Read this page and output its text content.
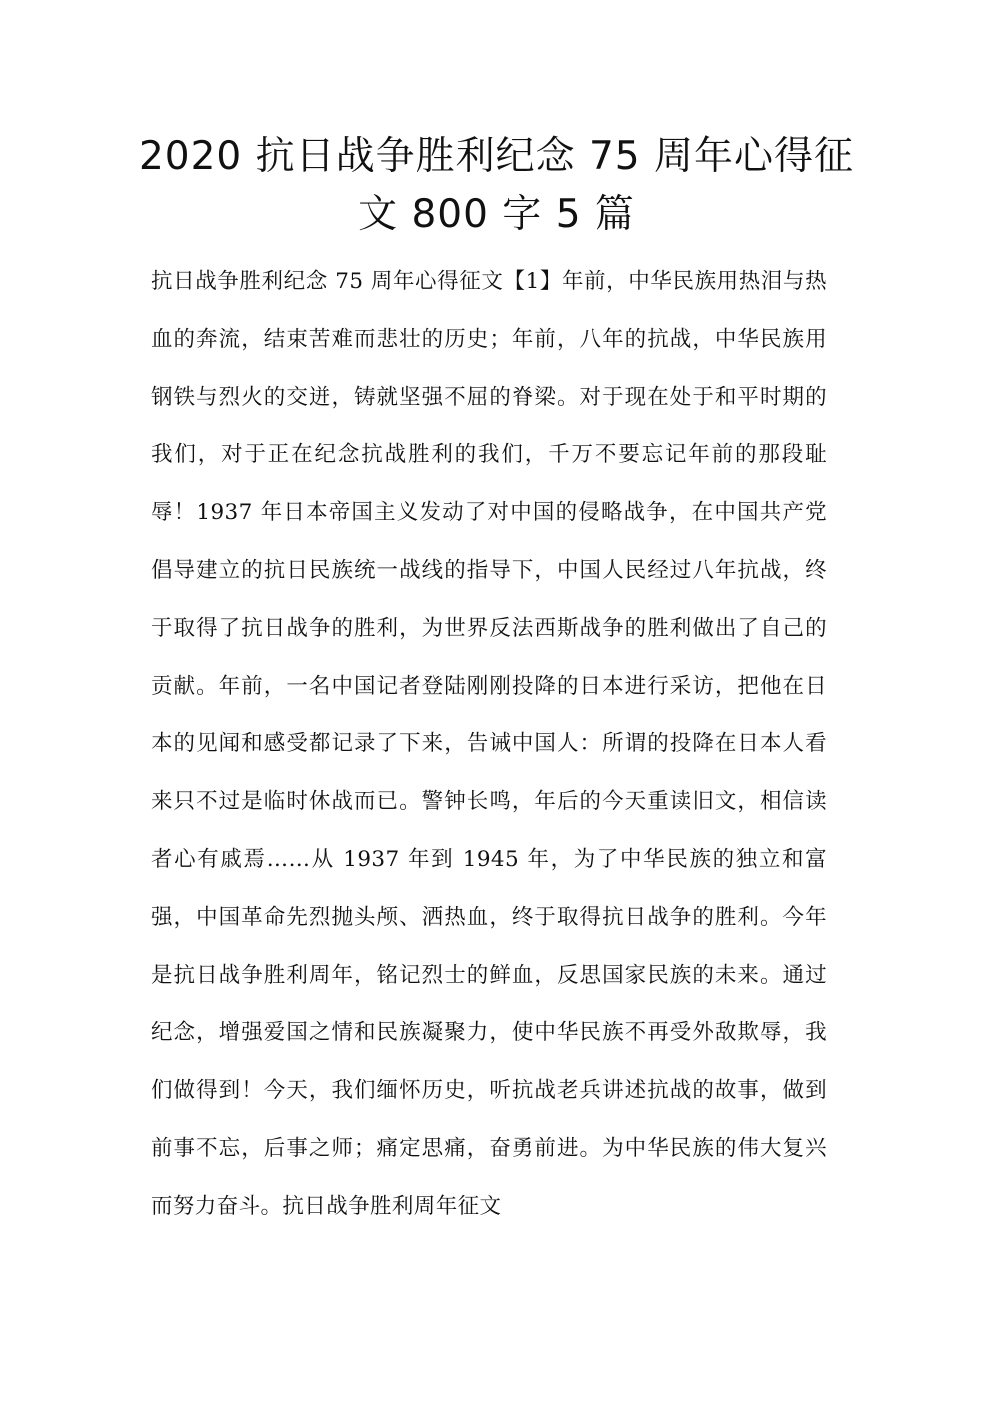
2020 抗日战争胜利纪念 75 周年心得征
文 800 字 5 篇

抗日战争胜利纪念 75 周年心得征文【1】年前，中华民族用热泪与热血的奔流，结束苦难而悲壮的历史；年前，八年的抗战，中华民族用钢铁与烈火的交迸，铸就坚强不屈的脊梁。对于现在处于和平时期的我们，对于正在纪念抗战胜利的我们，千万不要忘记年前的那段耻辱！1937 年日本帝国主义发动了对中国的侵略战争，在中国共产党倡导建立的抗日民族统一战线的指导下，中国人民经过八年抗战，终于取得了抗日战争的胜利，为世界反法西斯战争的胜利做出了自己的贡献。年前，一名中国记者登陆刚刚投降的日本进行采访，把他在日本的见闻和感受都记录了下来，告诫中国人：所谓的投降在日本人看来只不过是临时休战而已。警钟长鸣，年后的今天重读旧文，相信读者心有戚焉……从 1937 年到 1945 年，为了中华民族的独立和富强，中国革命先烈抛头颅、洒热血，终于取得抗日战争的胜利。今年是抗日战争胜利周年，铭记烈士的鲜血，反思国家民族的未来。通过纪念，增强爱国之情和民族凝聚力，使中华民族不再受外敌欺辱，我们做得到！今天，我们缅怀历史，听抗战老兵讲述抗战的故事，做到前事不忘，后事之师；痛定思痛，奋勇前进。为中华民族的伟大复兴而努力奋斗。抗日战争胜利周年征文
